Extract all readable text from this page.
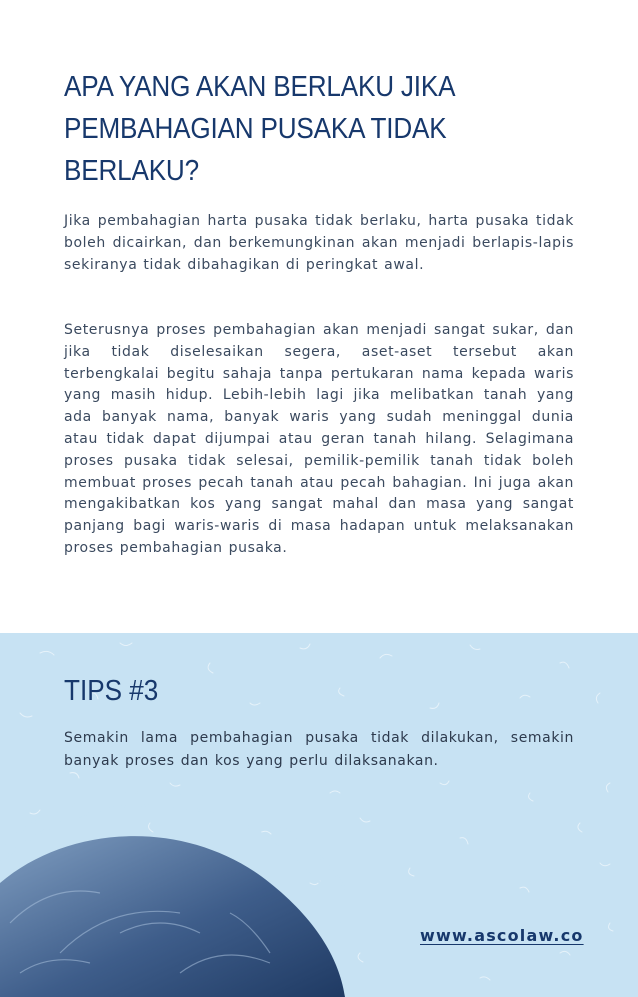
APA YANG AKAN BERLAKU JIKA PEMBAHAGIAN PUSAKA TIDAK BERLAKU?

Jika pembahagian harta pusaka tidak berlaku, harta pusaka tidak boleh dicairkan, dan berkemungkinan akan menjadi berlapis-lapis sekiranya tidak dibahagikan di peringkat awal.

Seterusnya proses pembahagian akan menjadi sangat sukar, dan jika tidak diselesaikan segera, aset-aset tersebut akan terbengkalai begitu sahaja tanpa pertukaran nama kepada waris yang masih hidup. Lebih-lebih lagi jika melibatkan tanah yang ada banyak nama, banyak waris yang sudah meninggal dunia atau tidak dapat dijumpai atau geran tanah hilang. Selagimana proses pusaka tidak selesai, pemilik-pemilik tanah tidak boleh membuat proses pecah tanah atau pecah bahagian. Ini juga akan mengakibatkan kos yang sangat mahal dan masa yang sangat panjang bagi waris-waris di masa hadapan untuk melaksanakan proses pembahagian pusaka.

TIPS #3

Semakin lama pembahagian pusaka tidak dilakukan, semakin banyak proses dan kos yang perlu dilaksanakan.

www.ascolaw.co
